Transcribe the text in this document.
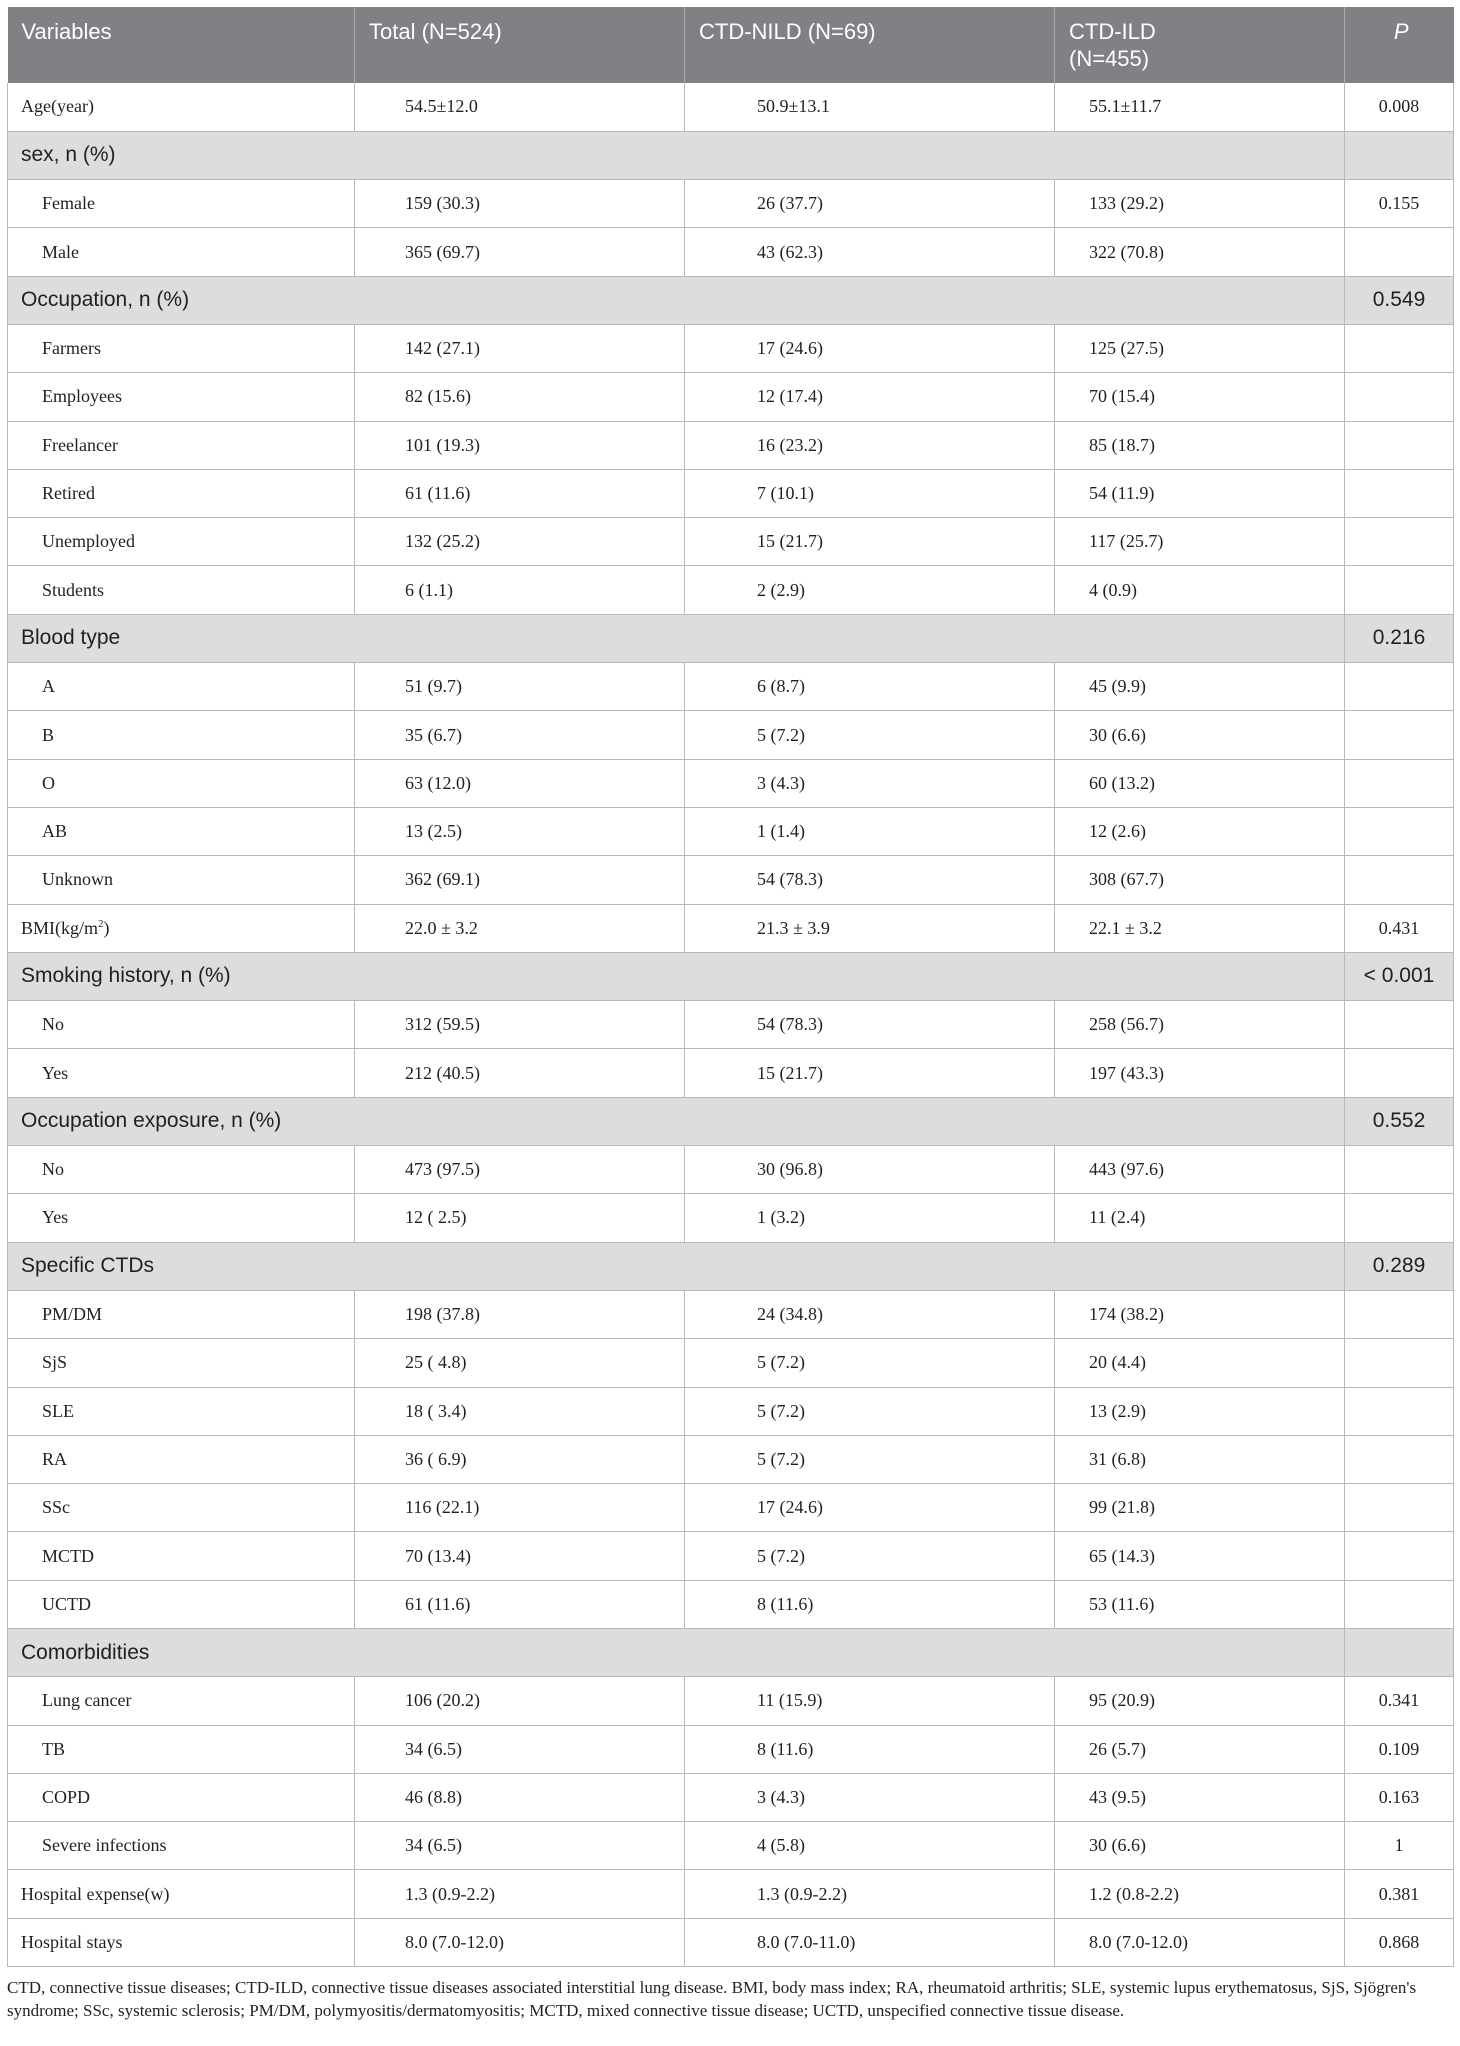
Variables	Total (N=524)	CTD-NILD (N=69)	CTD-ILD
(N=455)	P
Age(year)	54.5±12.0	50.9±13.1	55.1±11.7	0.008
sex, n (%)				
Female	159 (30.3)	26 (37.7)	133 (29.2)	0.155
Male	365 (69.7)	43 (62.3)	322 (70.8)	
Occupation, n (%)				0.549
Farmers	142 (27.1)	17 (24.6)	125 (27.5)	
Employees	82 (15.6)	12 (17.4)	70 (15.4)	
Freelancer	101 (19.3)	16 (23.2)	85 (18.7)	
Retired	61 (11.6)	7 (10.1)	54 (11.9)	
Unemployed	132 (25.2)	15 (21.7)	117 (25.7)	
Students	6 (1.1)	2 (2.9)	4 (0.9)	
Blood type				0.216
A	51 (9.7)	6 (8.7)	45 (9.9)	
B	35 (6.7)	5 (7.2)	30 (6.6)	
O	63 (12.0)	3 (4.3)	60 (13.2)	
AB	13 (2.5)	1 (1.4)	12 (2.6)	
Unknown	362 (69.1)	54 (78.3)	308 (67.7)	
$BMI(kg/m^2)$	22.0 ± 3.2	21.3 ± 3.9	22.1 ± 3.2	0.431
Smoking history, n (%)				< 0.001
No	312 (59.5)	54 (78.3)	258 (56.7)	
Yes	212 (40.5)	15 (21.7)	197 (43.3)	
Occupation exposure, n (%)				0.552
No	473 (97.5)	30 (96.8)	443 (97.6)	
Yes	12 ( 2.5)	1 (3.2)	11 (2.4)	
Specific CTDs				0.289
PM/DM	198 (37.8)	24 (34.8)	174 (38.2)	
SjS	25 ( 4.8)	5 (7.2)	20 (4.4)	
SLE	18 ( 3.4)	5 (7.2)	13 (2.9)	
RA	36 ( 6.9)	5 (7.2)	31 (6.8)	
SSc	116 (22.1)	17 (24.6)	99 (21.8)	
MCTD	70 (13.4)	5 (7.2)	65 (14.3)	
UCTD	61 (11.6)	8 (11.6)	53 (11.6)	
Comorbidities				
Lung cancer	106 (20.2)	11 (15.9)	95 (20.9)	0.341
TB	34 (6.5)	8 (11.6)	26 (5.7)	0.109
COPD	46 (8.8)	3 (4.3)	43 (9.5)	0.163
Severe infections	34 (6.5)	4 (5.8)	30 (6.6)	1
Hospital expense(w)	1.3 (0.9-2.2)	1.3 (0.9-2.2)	1.2 (0.8-2.2)	0.381
Hospital stays	8.0 (7.0-12.0)	8.0 (7.0-11.0)	8.0 (7.0-12.0)	0.868
CTD, connective tissue diseases; CTD-ILD, connective tissue diseases associated interstitial lung disease. BMI, body mass index; RA, rheumatoid arthritis; SLE, systemic lupus erythematosus, SjS, Sjögren's syndrome; SSc, systemic sclerosis; PM/DM, polymyositis/dermatomyositis; MCTD, mixed connective tissue disease; UCTD, unspecified connective tissue disease.
